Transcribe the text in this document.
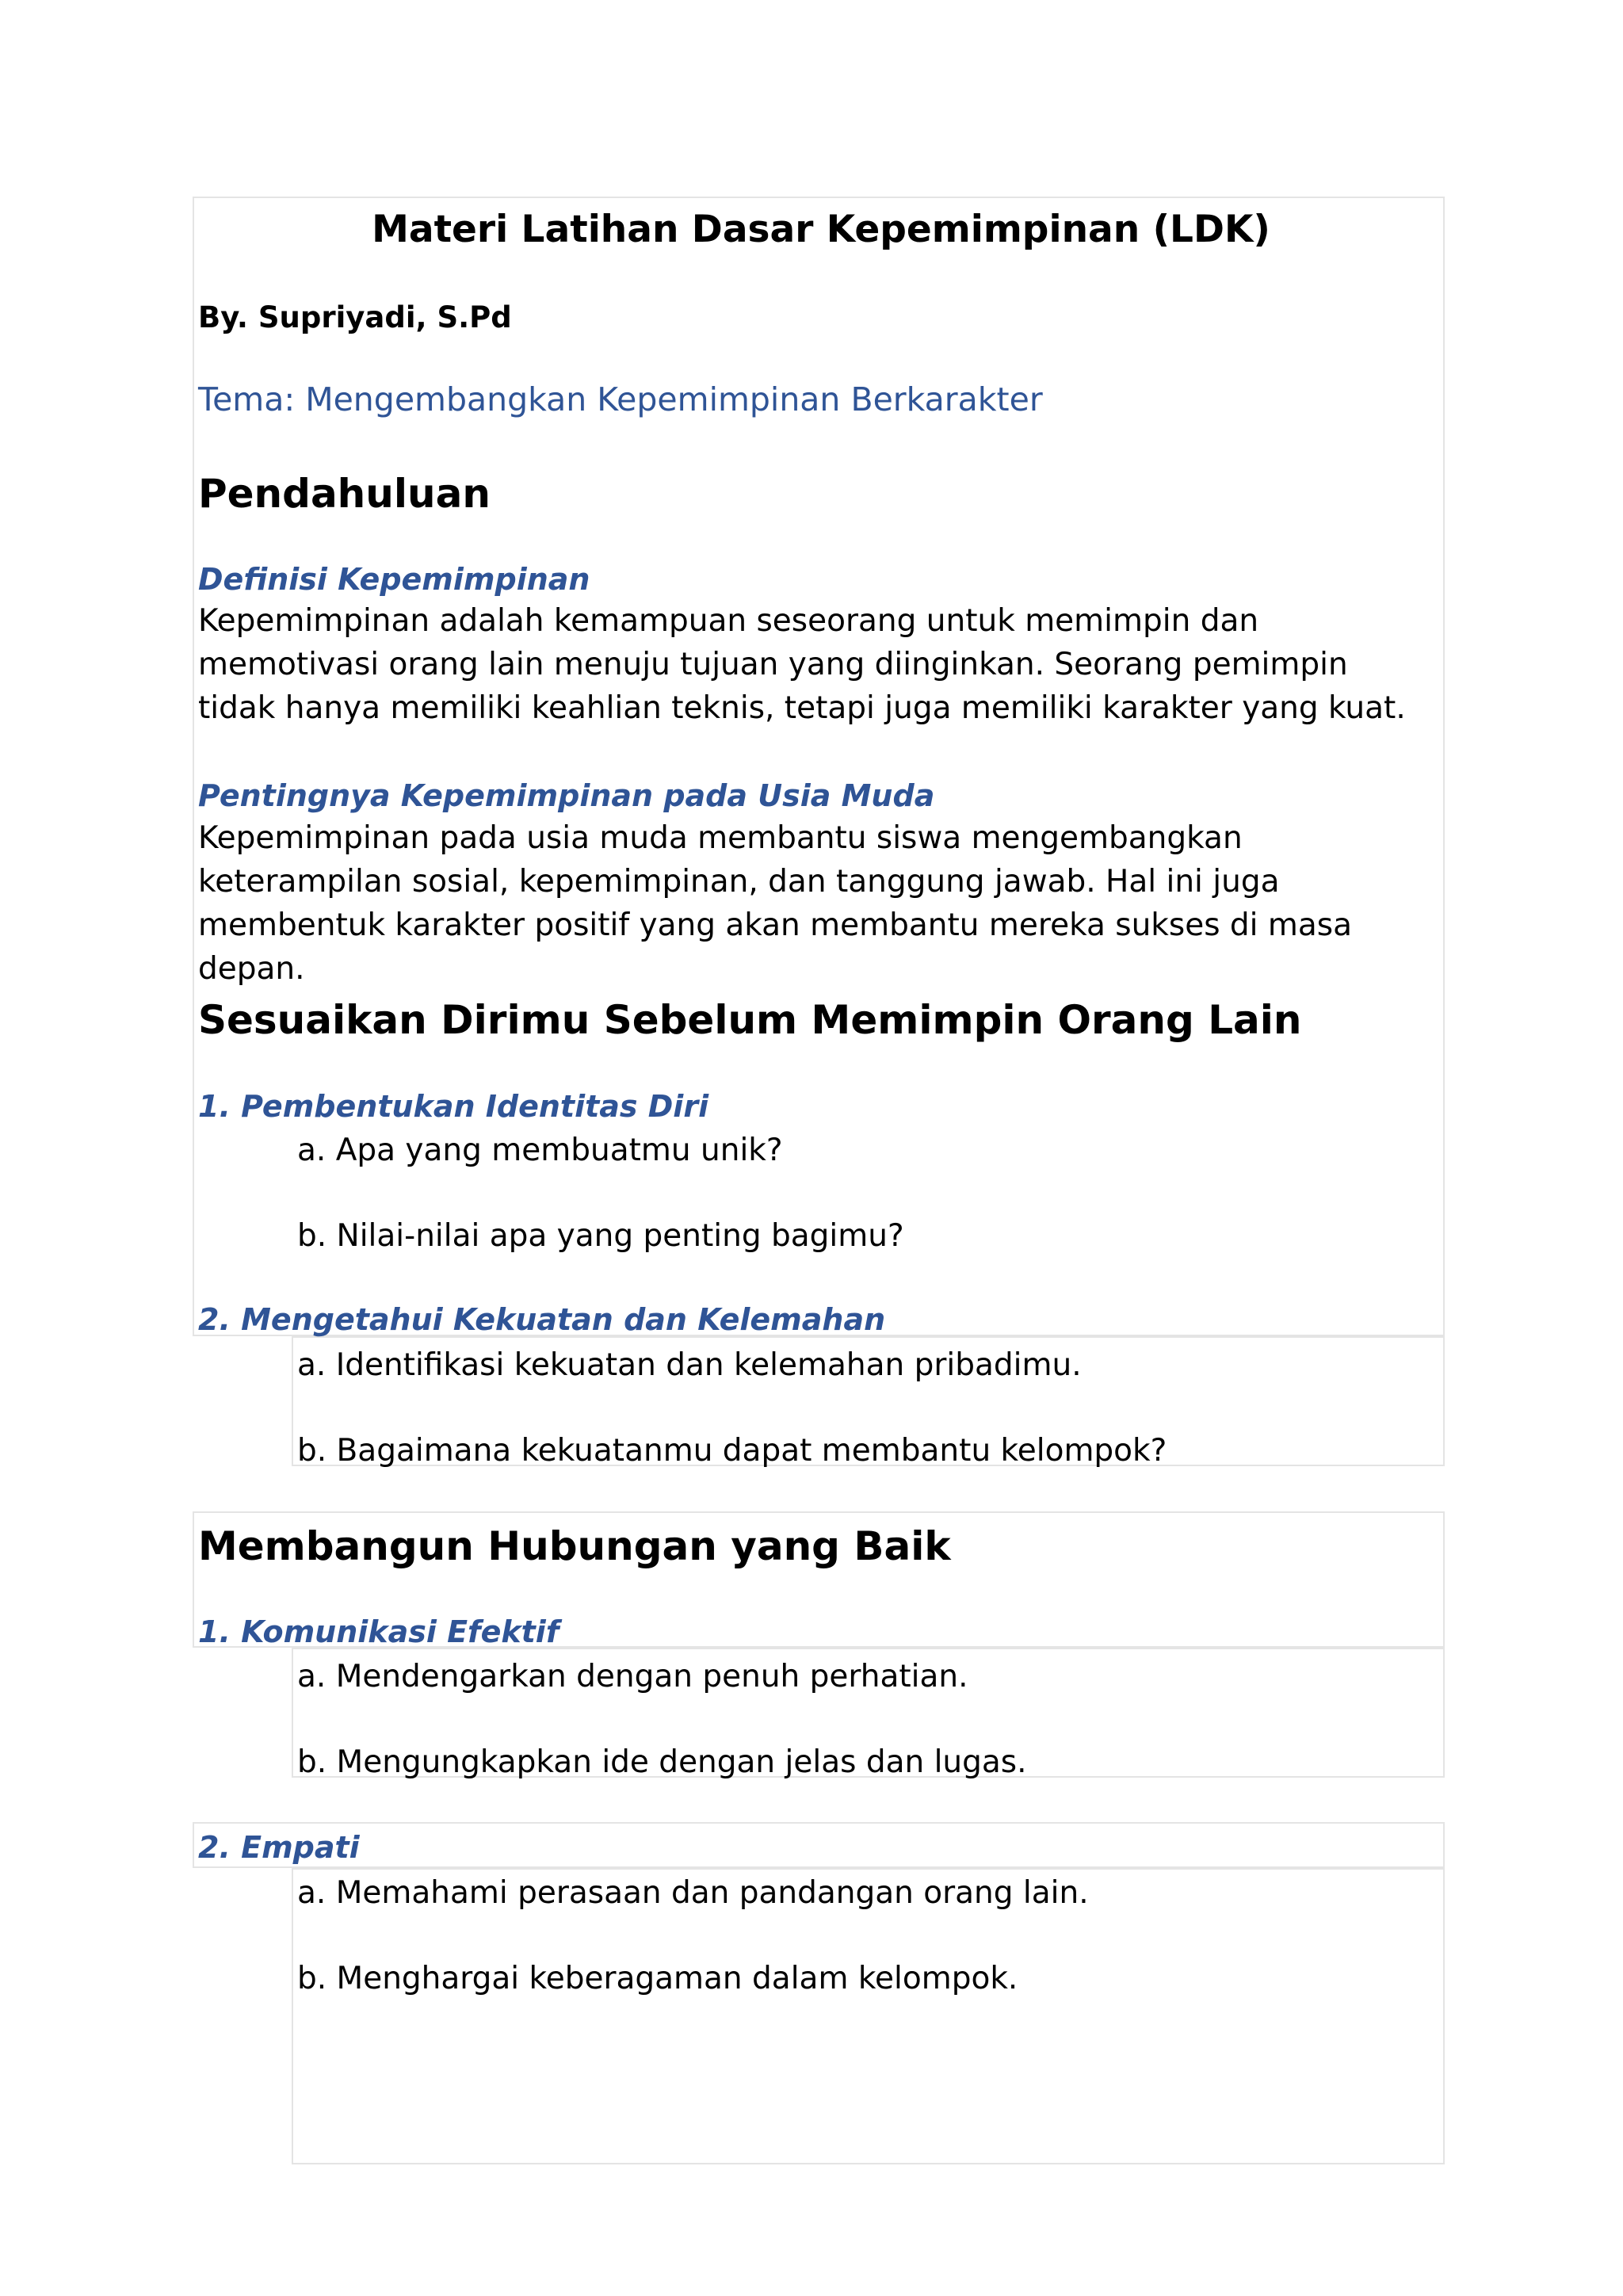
Materi Latihan Dasar Kepemimpinan (LDK)
By. Supriyadi, S.Pd
Tema: Mengembangkan Kepemimpinan Berkarakter
Pendahuluan
Definisi Kepemimpinan

Kepemimpinan adalah kemampuan seseorang untuk memimpin dan memotivasi orang lain menuju tujuan yang diinginkan. Seorang pemimpin tidak hanya memiliki keahlian teknis, tetapi juga memiliki karakter yang kuat.

Pentingnya Kepemimpinan pada Usia Muda

Kepemimpinan pada usia muda membantu siswa mengembangkan keterampilan sosial, kepemimpinan, dan tanggung jawab. Hal ini juga membentuk karakter positif yang akan membantu mereka sukses di masa depan.

Sesuaikan Dirimu Sebelum Memimpin Orang Lain
1. Pembentukan Identitas Diri
a. Apa yang membuatmu unik?
b. Nilai-nilai apa yang penting bagimu?
2. Mengetahui Kekuatan dan Kelemahan
a. Identifikasi kekuatan dan kelemahan pribadimu.
b. Bagaimana kekuatanmu dapat membantu kelompok?
Membangun Hubungan yang Baik
1. Komunikasi Efektif
a. Mendengarkan dengan penuh perhatian.
b. Mengungkapkan ide dengan jelas dan lugas.
2. Empati
a. Memahami perasaan dan pandangan orang lain.
b. Menghargai keberagaman dalam kelompok.
